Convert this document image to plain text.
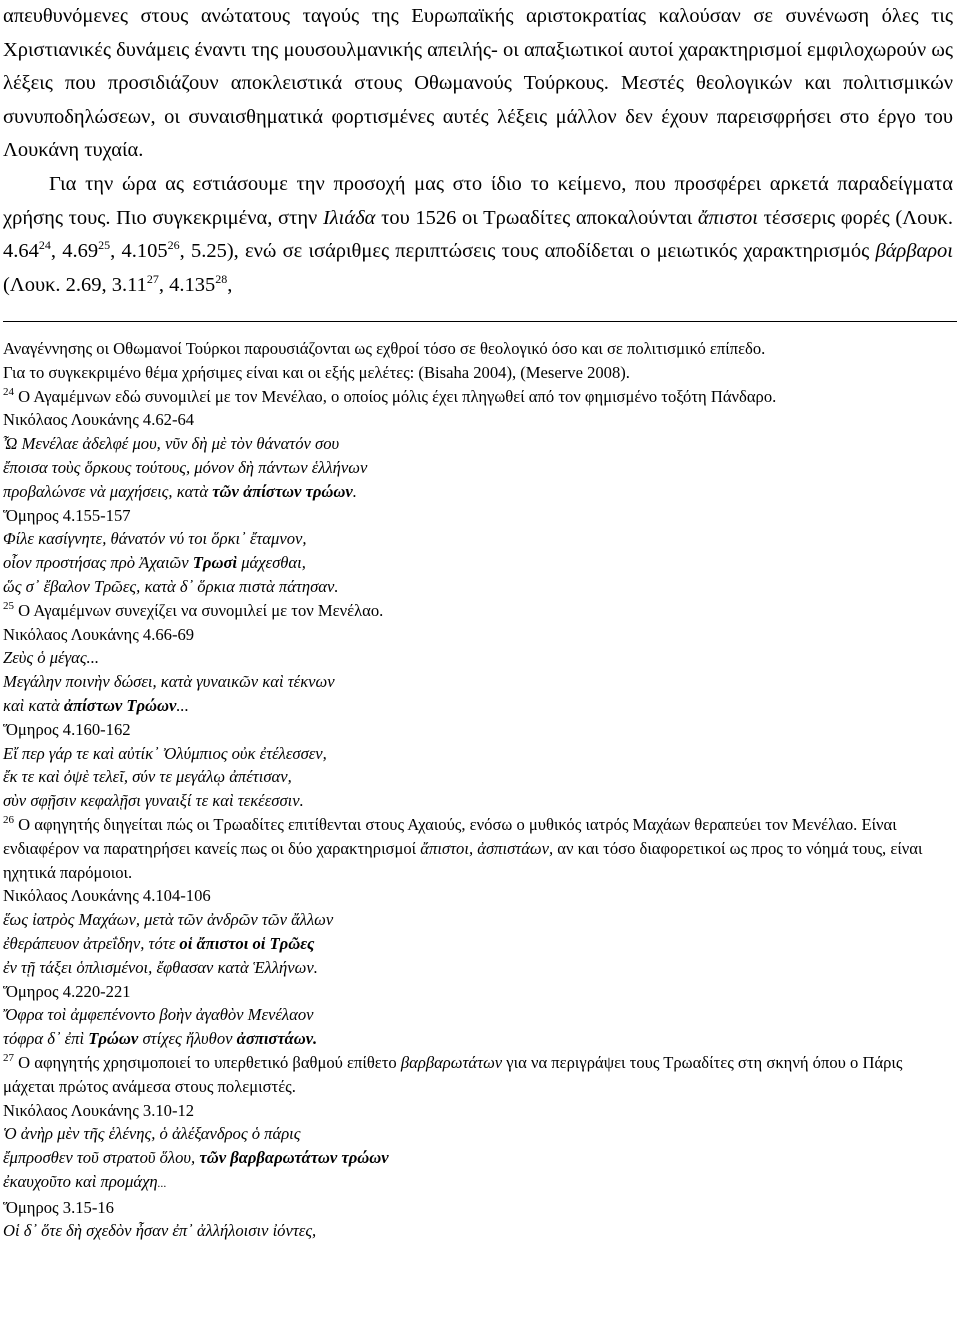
απευθυνόμενες στους ανώτατους ταγούς της Ευρωπαϊκής αριστοκρατίας καλούσαν σε συνένωση όλες τις Χριστιανικές δυνάμεις έναντι της μουσουλμανικής απειλής- οι απαξιωτικοί αυτοί χαρακτηρισμοί εμφιλοχωρούν ως λέξεις που προσιδιάζουν αποκλειστικά στους Οθωμανούς Τούρκους. Μεστές θεολογικών και πολιτισμικών συνυποδηλώσεων, οι συναισθηματικά φορτισμένες αυτές λέξεις μάλλον δεν έχουν παρεισφρήσει στο έργο του Λουκάνη τυχαία.

Για την ώρα ας εστιάσουμε την προσοχή μας στο ίδιο το κείμενο, που προσφέρει αρκετά παραδείγματα χρήσης τους. Πιο συγκεκριμένα, στην Ιλιάδα του 1526 οι Τρωαδίτες αποκαλούνται ἄπιστοι τέσσερις φορές (Λουκ. 4.64$^{24}$, 4.69$^{25}$, 4.105$^{26}$, 5.25), ενώ σε ισάριθμες περιπτώσεις τους αποδίδεται ο μειωτικός χαρακτηρισμός βάρβαροι (Λουκ. 2.69, 3.11$^{27}$, 4.135$^{28}$,

Αναγέννησης οι Οθωμανοί Τούρκοι παρουσιάζονται ως εχθροί τόσο σε θεολογικό όσο και σε πολιτισμικό επίπεδο.
Για το συγκεκριμένο θέμα χρήσιμες είναι και οι εξής μελέτες: (Bisaha 2004), (Meserve 2008).
$^{24}$ Ο Αγαμέμνων εδώ συνομιλεί με τον Μενέλαο, ο οποίος μόλις έχει πληγωθεί από τον φημισμένο τοξότη Πάνδαρο.
Νικόλαος Λουκάνης 4.62-64
Ὦ Μενέλαε ἀδελφέ μου, νῦν δὴ μὲ τὸν θάνατόν σου
ἔποισα τοὺς ὅρκους τούτους, μόνον δὴ πάντων ἑλλήνων
προβαλώνσε νὰ μαχήσεις, κατὰ τῶν ἀπίστων τρώων.
Ὅμηρος 4.155-157
Φίλε κασίγνητε, θάνατόν νύ τοι ὅρκι᾽ ἔταμνον,
οἶον προστήσας πρὸ Ἀχαιῶν Τρωσὶ μάχεσθαι,
ὥς σ᾽ ἔβαλον Τρῶες, κατὰ δ᾽ ὅρκια πιστὰ πάτησαν.
$^{25}$ Ο Αγαμέμνων συνεχίζει να συνομιλεί με τον Μενέλαο.
Νικόλαος Λουκάνης 4.66-69
Ζεὺς ὁ μέγας...
Μεγάλην ποινὴν δώσει, κατὰ γυναικῶν καὶ τέκνων
καὶ κατὰ ἀπίστων Τρώων...
Ὅμηρος 4.160-162
Εἴ περ γάρ τε καὶ αὐτίκ᾽ Ὀλύμπιος οὐκ ἐτέλεσσεν,
ἔκ τε καὶ ὀψὲ τελεῖ, σύν τε μεγάλῳ ἀπέτισαν,
σὺν σφῇσιν κεφαλῇσι γυναιξί τε καὶ τεκέεσσιν.
$^{26}$ Ο αφηγητής διηγείται πώς οι Τρωαδίτες επιτίθενται στους Αχαιούς, ενόσω ο μυθικός ιατρός Μαχάων θεραπεύει τον Μενέλαο. Είναι ενδιαφέρον να παρατηρήσει κανείς πως οι δύο χαρακτηρισμοί ἄπιστοι, ἀσπιστάων, αν και τόσο διαφορετικοί ως προς το νόημά τους, είναι ηχητικά παρόμοιοι.
Νικόλαος Λουκάνης 4.104-106
ἕως ἰατρὸς Μαχάων, μετὰ τῶν ἀνδρῶν τῶν ἄλλων
ἐθεράπευον ἀτρεΐδην, τότε οἱ ἄπιστοι οἱ Τρῶες
ἐν τῇ τάξει ὁπλισμένοι, ἔφθασαν κατὰ Ἑλλήνων.
Ὅμηρος 4.220-221
Ὄφρα τοὶ ἀμφεπένοντο βοὴν ἀγαθὸν Μενέλαον
τόφρα δ᾽ ἐπὶ Τρώων στίχες ἤλυθον ἀσπιστάων.
$^{27}$ Ο αφηγητής χρησιμοποιεί το υπερθετικό βαθμού επίθετο βαρβαρωτάτων για να περιγράψει τους Τρωαδίτες στη σκηνή όπου ο Πάρις μάχεται πρώτος ανάμεσα στους πολεμιστές.
Νικόλαος Λουκάνης 3.10-12
Ὁ ἀνὴρ μὲν τῆς ἑλένης, ὁ ἀλέξανδρος ὁ πάρις
ἔμπροσθεν τοῦ στρατοῦ ὅλου, τῶν βαρβαρωτάτων τρώων
ἐκαυχοῦτο καὶ προμάχη...
Ὅμηρος 3.15-16
Οἱ δ᾽ ὅτε δὴ σχεδὸν ἦσαν ἐπ᾽ ἀλλήλοισιν ἰόντες,
